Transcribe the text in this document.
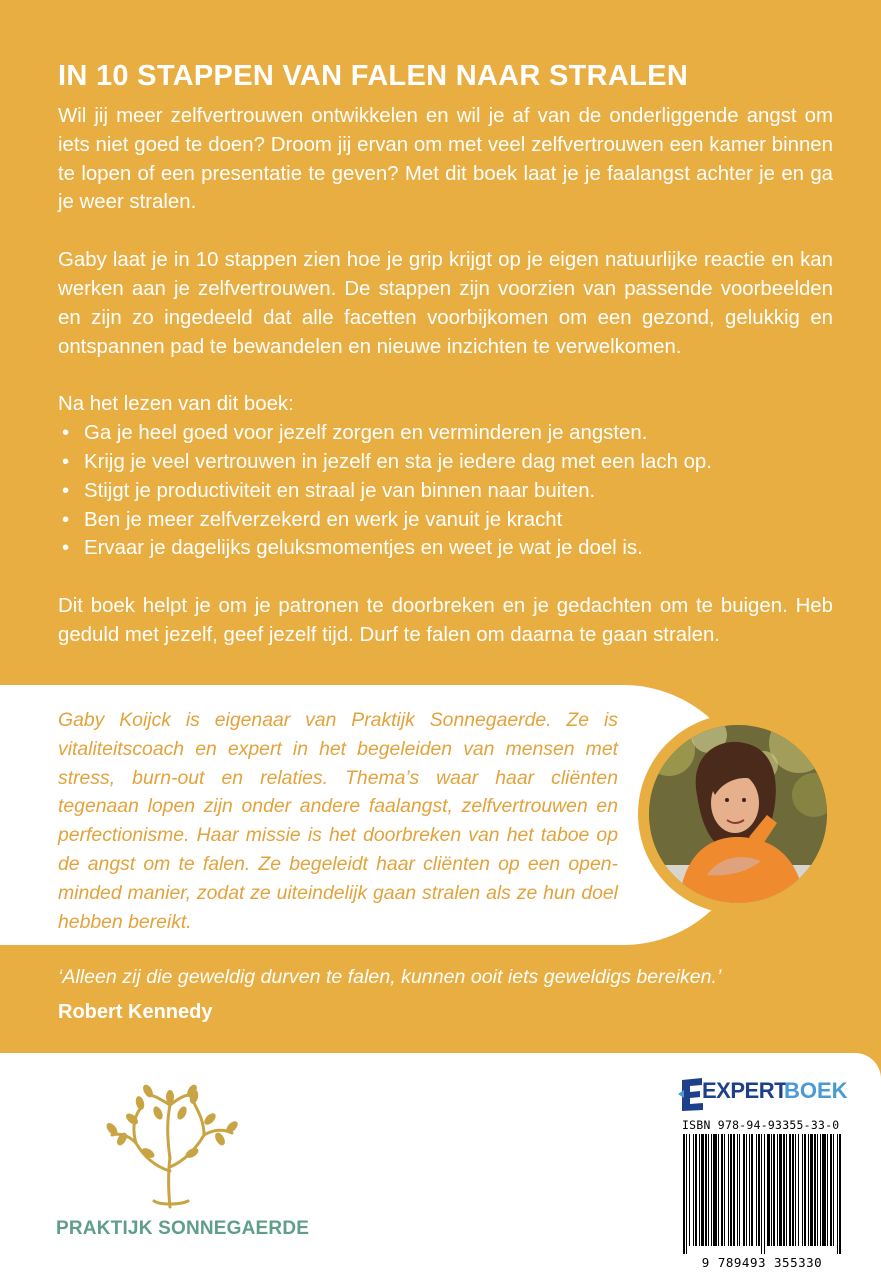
IN 10 STAPPEN VAN FALEN NAAR STRALEN

Wil jij meer zelfvertrouwen ontwikkelen en wil je af van de onderliggende angst om iets niet goed te doen? Droom jij ervan om met veel zelfvertrouwen een kamer binnen te lopen of een presentatie te geven? Met dit boek laat je je faalangst achter je en ga je weer stralen.

Gaby laat je in 10 stappen zien hoe je grip krijgt op je eigen natuurlijke reactie en kan werken aan je zelfvertrouwen. De stappen zijn voorzien van passende voorbeelden en zijn zo ingedeeld dat alle facetten voorbijkomen om een gezond, gelukkig en ontspannen pad te bewandelen en nieuwe inzichten te verwelkomen.

Na het lezen van dit boek:
• Ga je heel goed voor jezelf zorgen en verminderen je angsten.
• Krijg je veel vertrouwen in jezelf en sta je iedere dag met een lach op.
• Stijgt je productiviteit en straal je van binnen naar buiten.
• Ben je meer zelfverzekerd en werk je vanuit je kracht
• Ervaar je dagelijks geluksmomentjes en weet je wat je doel is.

Dit boek helpt je om je patronen te doorbreken en je gedachten om te buigen. Heb geduld met jezelf, geef jezelf tijd. Durf te falen om daarna te gaan stralen.

Gaby Koijck is eigenaar van Praktijk Sonnegaerde. Ze is vitaliteitscoach en expert in het begeleiden van mensen met stress, burn-out en relaties. Thema’s waar haar cliënten tegenaan lopen zijn onder andere faalangst, zelfvertrouwen en perfectionisme. Haar missie is het doorbreken van het taboe op de angst om te falen. Ze begeleidt haar cliënten op een open-minded manier, zodat ze uiteindelijk gaan stralen als ze hun doel hebben bereikt.

‘Alleen zij die geweldig durven te falen, kunnen ooit iets geweldigs bereiken.’

Robert Kennedy

PRAKTIJK SONNEGAERDE

EXPERT
BOEK

ISBN 978-94-93355-33-0

9 789493 355330
